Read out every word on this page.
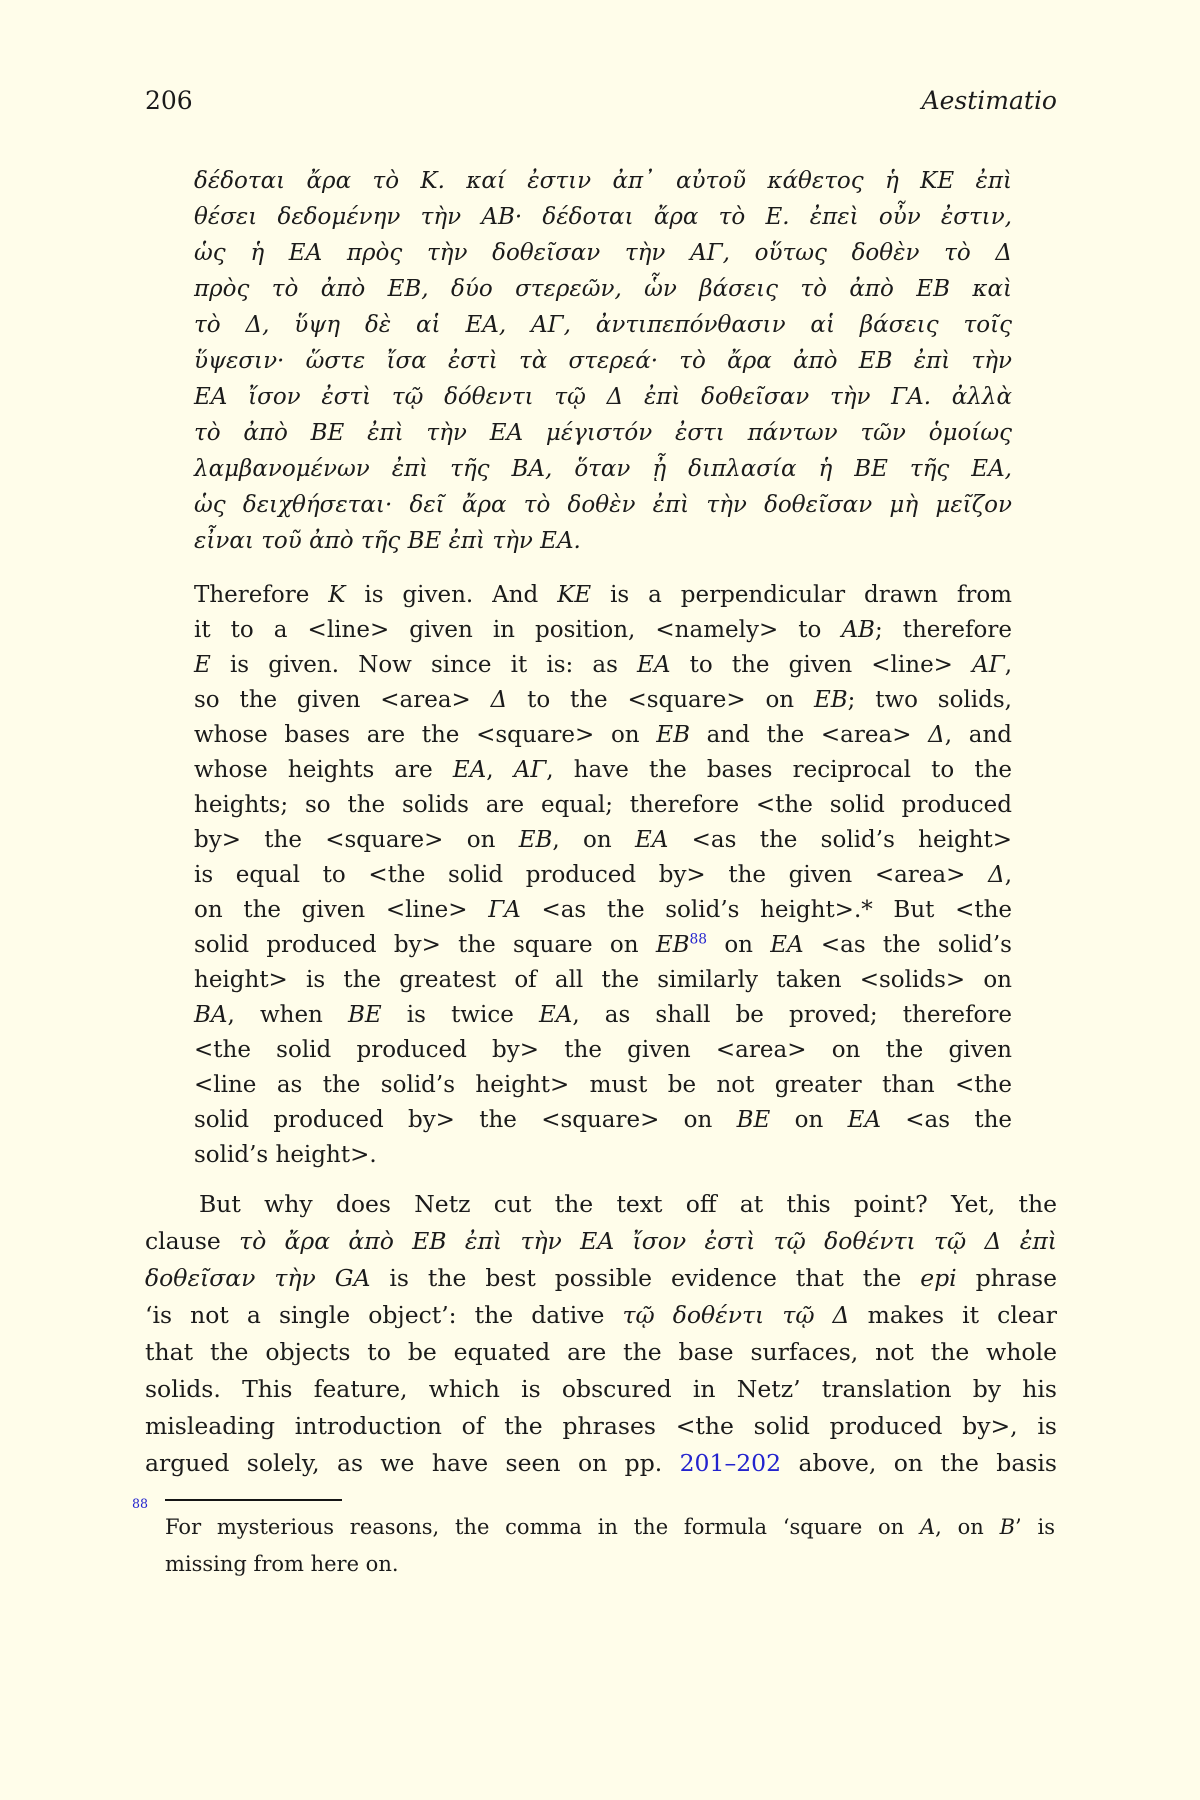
206	Aestimatio
δέδοται ἄρα τὸ Κ. καί ἐστιν ἀπ᾽ αὐτοῦ κάθετος ἡ ΚΕ ἐπὶ
θέσει δεδομένην τὴν ΑΒ· δέδοται ἄρα τὸ Ε. ἐπεὶ οὖν ἐστιν,
ὡς ἡ ΕΑ πρὸς τὴν δοθεῖσαν τὴν ΑΓ, οὕτως δοθὲν τὸ Δ
πρὸς τὸ ἀπὸ ΕΒ, δύο στερεῶν, ὧν βάσεις τὸ ἀπὸ ΕΒ καὶ
τὸ Δ, ὕψη δὲ αἱ ΕΑ, ΑΓ, ἀντιπεπόνθασιν αἱ βάσεις τοῖς
ὕψεσιν· ὥστε ἴσα ἐστὶ τὰ στερεά· τὸ ἄρα ἀπὸ ΕΒ ἐπὶ τὴν
ΕΑ ἴσον ἐστὶ τῷ δόθεντι τῷ Δ ἐπὶ δοθεῖσαν τὴν ΓΑ. ἀλλὰ
τὸ ἀπὸ ΒΕ ἐπὶ τὴν ΕΑ μέγιστόν ἐστι πάντων τῶν ὁμοίως
λαμβανομένων ἐπὶ τῆς ΒΑ, ὅταν ᾖ διπλασία ἡ ΒΕ τῆς ΕΑ,
ὡς δειχθήσεται· δεῖ ἄρα τὸ δοθὲν ἐπὶ τὴν δοθεῖσαν μὴ μεῖζον
εἶναι τοῦ ἀπὸ τῆς ΒΕ ἐπὶ τὴν ΕΑ.
Therefore K is given. And KE is a perpendicular drawn from
it to a <line> given in position, <namely> to AB; therefore
E is given. Now since it is: as EA to the given <line> ΑΓ,
so the given <area> Δ to the <square> on EB; two solids,
whose bases are the <square> on EB and the <area> Δ, and
whose heights are EA, ΑΓ, have the bases reciprocal to the
heights; so the solids are equal; therefore <the solid produced
by> the <square> on EB, on EA <as the solid’s height>
is equal to <the solid produced by> the given <area> Δ,
on the given <line> ΓΑ <as the solid’s height>.* But <the
solid produced by> the square on EB$^{88}$ on EA <as the solid’s
height> is the greatest of all the similarly taken <solids> on
BA, when BE is twice EA, as shall be proved; therefore
<the solid produced by> the given <area> on the given
<line as the solid’s height> must be not greater than <the
solid produced by> the <square> on BE on EA <as the
solid’s height>.
But why does Netz cut the text off at this point? Yet, the
clause τὸ ἄρα ἀπὸ ΕΒ ἐπὶ τὴν ΕΑ ἴσον ἐστὶ τῷ δοθέντι τῷ Δ ἐπὶ
δοθεῖσαν τὴν GA is the best possible evidence that the epi phrase
‘is not a single object’: the dative τῷ δοθέντι τῷ Δ makes it clear
that the objects to be equated are the base surfaces, not the whole
solids. This feature, which is obscured in Netz’ translation by his
misleading introduction of the phrases <the solid produced by>, is
argued solely, as we have seen on pp. 201–202 above, on the basis
88
For mysterious reasons, the comma in the formula ‘square on A, on B’ is
missing from here on.
